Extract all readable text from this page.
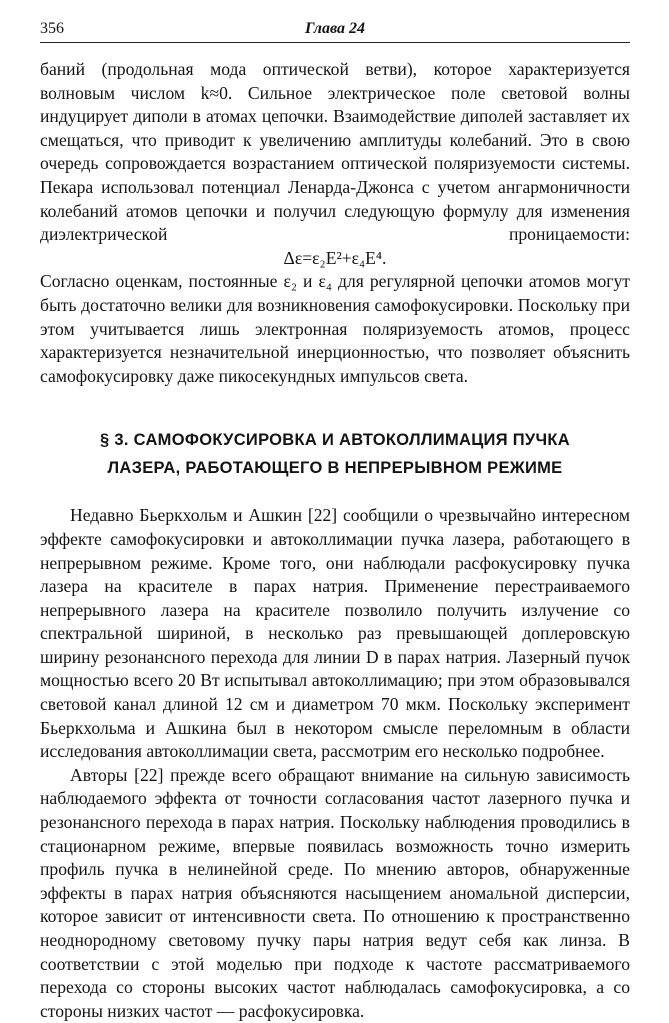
356	Глава 24

баний (продольная мода оптической ветви), которое характеризуется волновым числом k≈0. Сильное электрическое поле световой волны индуцирует диполи в атомах цепочки. Взаимодействие диполей заставляет их смещаться, что приводит к увеличению амплитуды колебаний. Это в свою очередь сопровождается возрастанием оптической поляризуемости системы. Пекара использовал потенциал Ленарда-Джонса с учетом ангармоничности колебаний атомов цепочки и получил следующую формулу для изменения диэлектрической проницаемости:

Δε=ε₂E²+ε₄E⁴.

Согласно оценкам, постоянные ε₂ и ε₄ для регулярной цепочки атомов могут быть достаточно велики для возникновения самофокусировки. Поскольку при этом учитывается лишь электронная поляризуемость атомов, процесс характеризуется незначительной инерционностью, что позволяет объяснить самофокусировку даже пикосекундных импульсов света.

§ 3. САМОФОКУСИРОВКА И АВТОКОЛЛИМАЦИЯ ПУЧКА
ЛАЗЕРА, РАБОТАЮЩЕГО В НЕПРЕРЫВНОМ РЕЖИМЕ

Недавно Бьеркхольм и Ашкин [22] сообщили о чрезвычайно интересном эффекте самофокусировки и автоколлимации пучка лазера, работающего в непрерывном режиме. Кроме того, они наблюдали расфокусировку пучка лазера на красителе в парах натрия. Применение перестраиваемого непрерывного лазера на красителе позволило получить излучение со спектральной шириной, в несколько раз превышающей доплеровскую ширину резонансного перехода для линии D в парах натрия. Лазерный пучок мощностью всего 20 Вт испытывал автоколлимацию; при этом образовывался световой канал длиной 12 см и диаметром 70 мкм. Поскольку эксперимент Бьеркхольма и Ашкина был в некотором смысле переломным в области исследования автоколлимации света, рассмотрим его несколько подробнее.

Авторы [22] прежде всего обращают внимание на сильную зависимость наблюдаемого эффекта от точности согласования частот лазерного пучка и резонансного перехода в парах натрия. Поскольку наблюдения проводились в стационарном режиме, впервые появилась возможность точно измерить профиль пучка в нелинейной среде. По мнению авторов, обнаруженные эффекты в парах натрия объясняются насыщением аномальной дисперсии, которое зависит от интенсивности света. По отношению к пространственно неоднородному световому пучку пары натрия ведут себя как линза. В соответствии с этой моделью при подходе к частоте рассматриваемого перехода со стороны высоких частот наблюдалась самофокусировка, а со стороны низких частот — расфокусировка.
